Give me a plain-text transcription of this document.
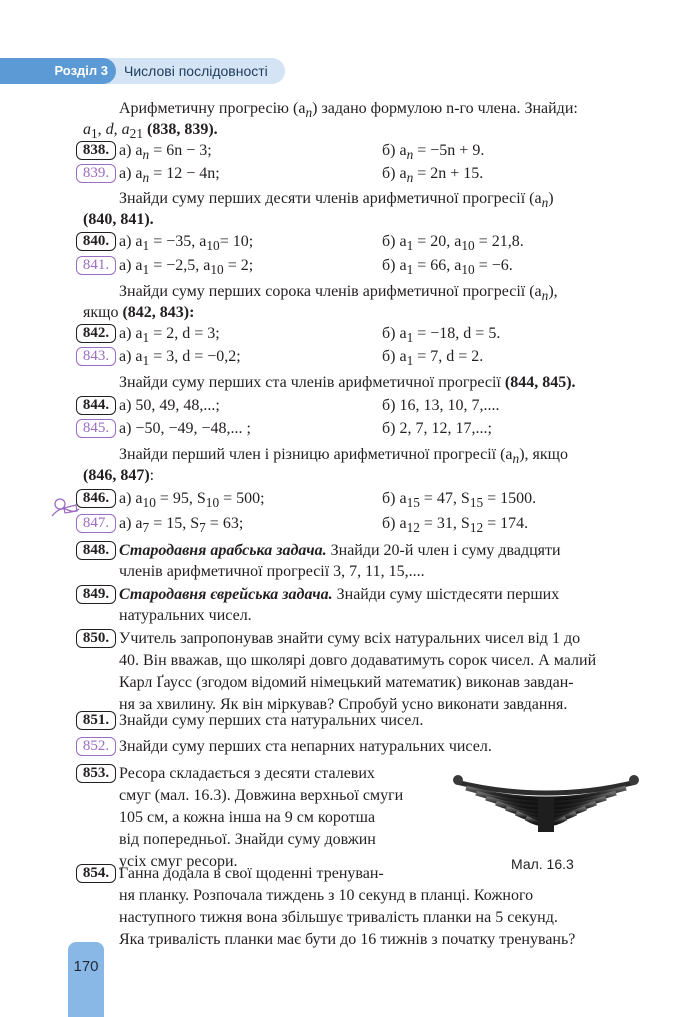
Розділ 3	Числові послідовності
Арифметичну прогресію $(a_n)$ задано формулою n-го члена. Знайди:
$a_1$, d, $a_{21}$ (838, 839).
838. а) $a_n = 6n - 3$;	б) $a_n = -5n + 9$.
839. а) $a_n = 12 - 4n$;	б) $a_n = 2n + 15$.
Знайди суму перших десяти членів арифметичної прогресії $(a_n)$
(840, 841).
840. а) $a_1 = -35$, $a_{10}= 10$;	б) $a_1 = 20$, $a_{10} = 21,8$.
841. а) $a_1 = -2,5$, $a_{10} = 2$;	б) $a_1 = 66$, $a_{10} = -6$.
Знайди суму перших сорока членів арифметичної прогресії $(a_n)$,
якщо (842, 843):
842. а) $a_1 = 2$, d = 3;	б) $a_1 = -18$, d = 5.
843. а) $a_1 = 3$, d = −0,2;	б) $a_1 = 7$, d = 2.
Знайди суму перших ста членів арифметичної прогресії (844, 845).
844. а) 50, 49, 48,...;	б) 16, 13, 10, 7,....
845. а) −50, −49, −48,... ;	б) 2, 7, 12, 17,...;
Знайди перший член і різницю арифметичної прогресії $(a_n)$, якщо
(846, 847):
846. а) $a_{10} = 95$, $S_{10} = 500$;	б) $a_{15} = 47$, $S_{15} = 1500$.
847. а) $a_7 = 15$, $S_7 = 63$;	б) $a_{12} = 31$, $S_{12} = 174$.
848. Стародавня арабська задача. Знайди 20-й член і суму двадцяти
членів арифметичної прогресії 3, 7, 11, 15,....
849. Стародавня єврейська задача. Знайди суму шістдесяти перших
натуральних чисел.
850. Учитель запропонував знайти суму всіх натуральних чисел від 1 до
40. Він вважав, що школярі довго додаватимуть сорок чисел. А малий
Карл Ґаусс (згодом відомий німецький математик) виконав завдан-
ня за хвилину. Як він міркував? Спробуй усно виконати завдання.
851. Знайди суму перших ста натуральних чисел.
852. Знайди суму перших ста непарних натуральних чисел.
853. Ресора складається з десяти сталевих
смуг (мал. 16.3). Довжина верхньої смуги
105 см, а кожна інша на 9 см коротша
від попередньої. Знайди суму довжин
усіх смуг ресори.	Мал. 16.3
854. Ганна додала в свої щоденні тренуван-
ня планку. Розпочала тиждень з 10 секунд в планці. Кожного
наступного тижня вона збільшує тривалість планки на 5 секунд.
Яка тривалість планки має бути до 16 тижнів з початку тренувань?
170
